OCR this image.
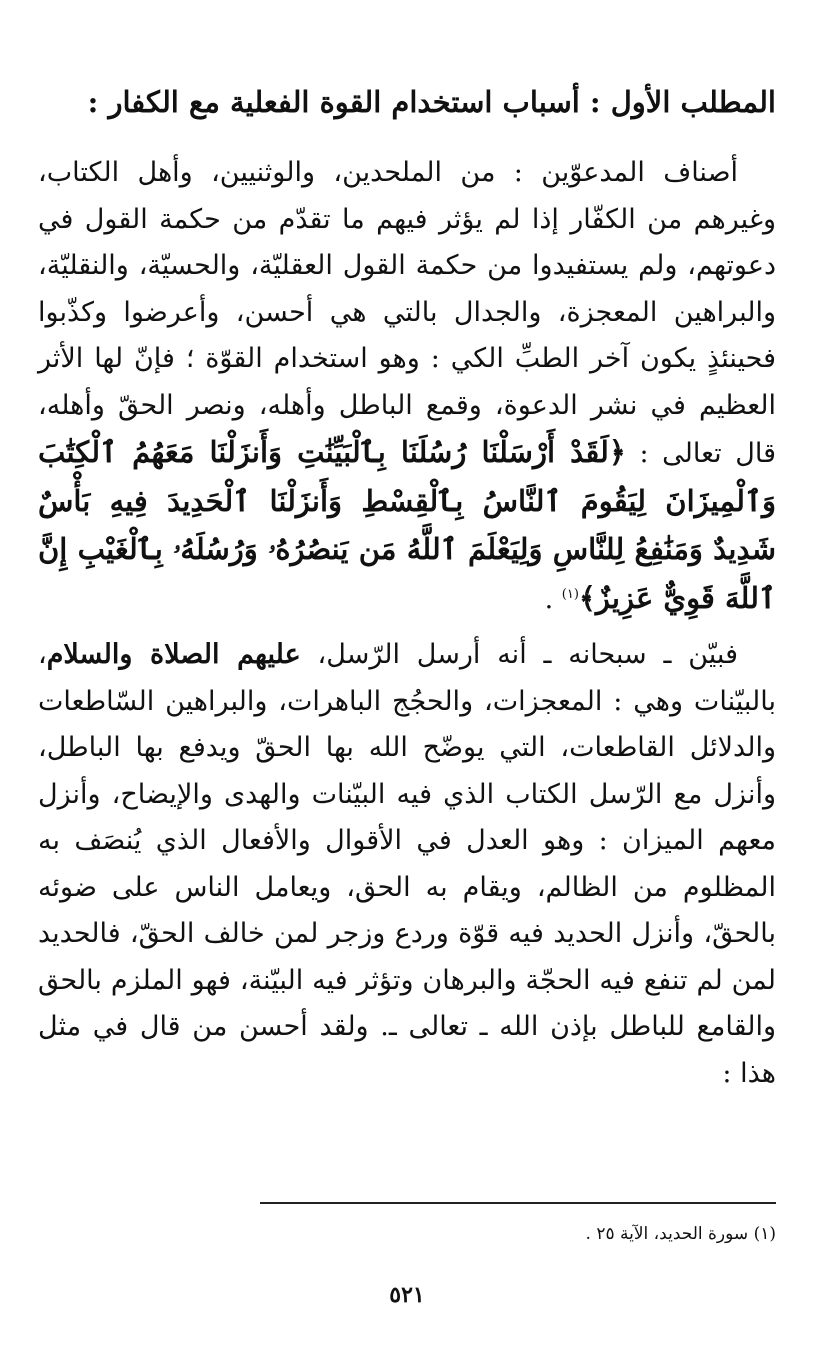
المطلب الأول : أسباب استخدام القوة الفعلية مع الكفار :
أصناف المدعوّين : من الملحدين، والوثنيين، وأهل الكتاب، وغيرهم من الكفّار إذا لم يؤثر فيهم ما تقدّم من حكمة القول في دعوتهم، ولم يستفيدوا من حكمة القول العقليّة، والحسيّة، والنقليّة، والبراهين المعجزة، والجدال بالتي هي أحسن، وأعرضوا وكذّبوا فحينئذٍ يكون آخر الطبِّ الكي : وهو استخدام القوّة ؛ فإنّ لها الأثر العظيم في نشر الدعوة، وقمع الباطل وأهله، ونصر الحقّ وأهله، قال تعالى : ﴿لَقَدْ أَرْسَلْنَا رُسُلَنَا بِٱلْبَيِّنَٰتِ وَأَنزَلْنَا مَعَهُمُ ٱلْكِتَٰبَ وَٱلْمِيزَانَ لِيَقُومَ ٱلنَّاسُ بِٱلْقِسْطِ وَأَنزَلْنَا ٱلْحَدِيدَ فِيهِ بَأْسٌ شَدِيدٌ وَمَنَٰفِعُ لِلنَّاسِ وَلِيَعْلَمَ ٱللَّهُ مَن يَنصُرُهُۥ وَرُسُلَهُۥ بِٱلْغَيْبِ إِنَّ ٱللَّهَ قَوِيٌّ عَزِيزٌ﴾$^{(١)}$ .
فبيّن ـ سبحانه ـ أنه أرسل الرّسل، عليهم الصلاة والسلام، بالبيّنات وهي : المعجزات، والحجُج الباهرات، والبراهين السّاطعات والدلائل القاطعات، التي يوضّح الله بها الحقّ ويدفع بها الباطل، وأنزل مع الرّسل الكتاب الذي فيه البيّنات والهدى والإيضاح، وأنزل معهم الميزان : وهو العدل في الأقوال والأفعال الذي يُنصَف به المظلوم من الظالم، ويقام به الحق، ويعامل الناس على ضوئه بالحقّ، وأنزل الحديد فيه قوّة وردع وزجر لمن خالف الحقّ، فالحديد لمن لم تنفع فيه الحجّة والبرهان وتؤثر فيه البيّنة، فهو الملزم بالحق والقامع للباطل بإذن الله ـ تعالى ـ. ولقد أحسن من قال في مثل هذا :
(١) سورة الحديد، الآية ٢٥ .
٥٢١
